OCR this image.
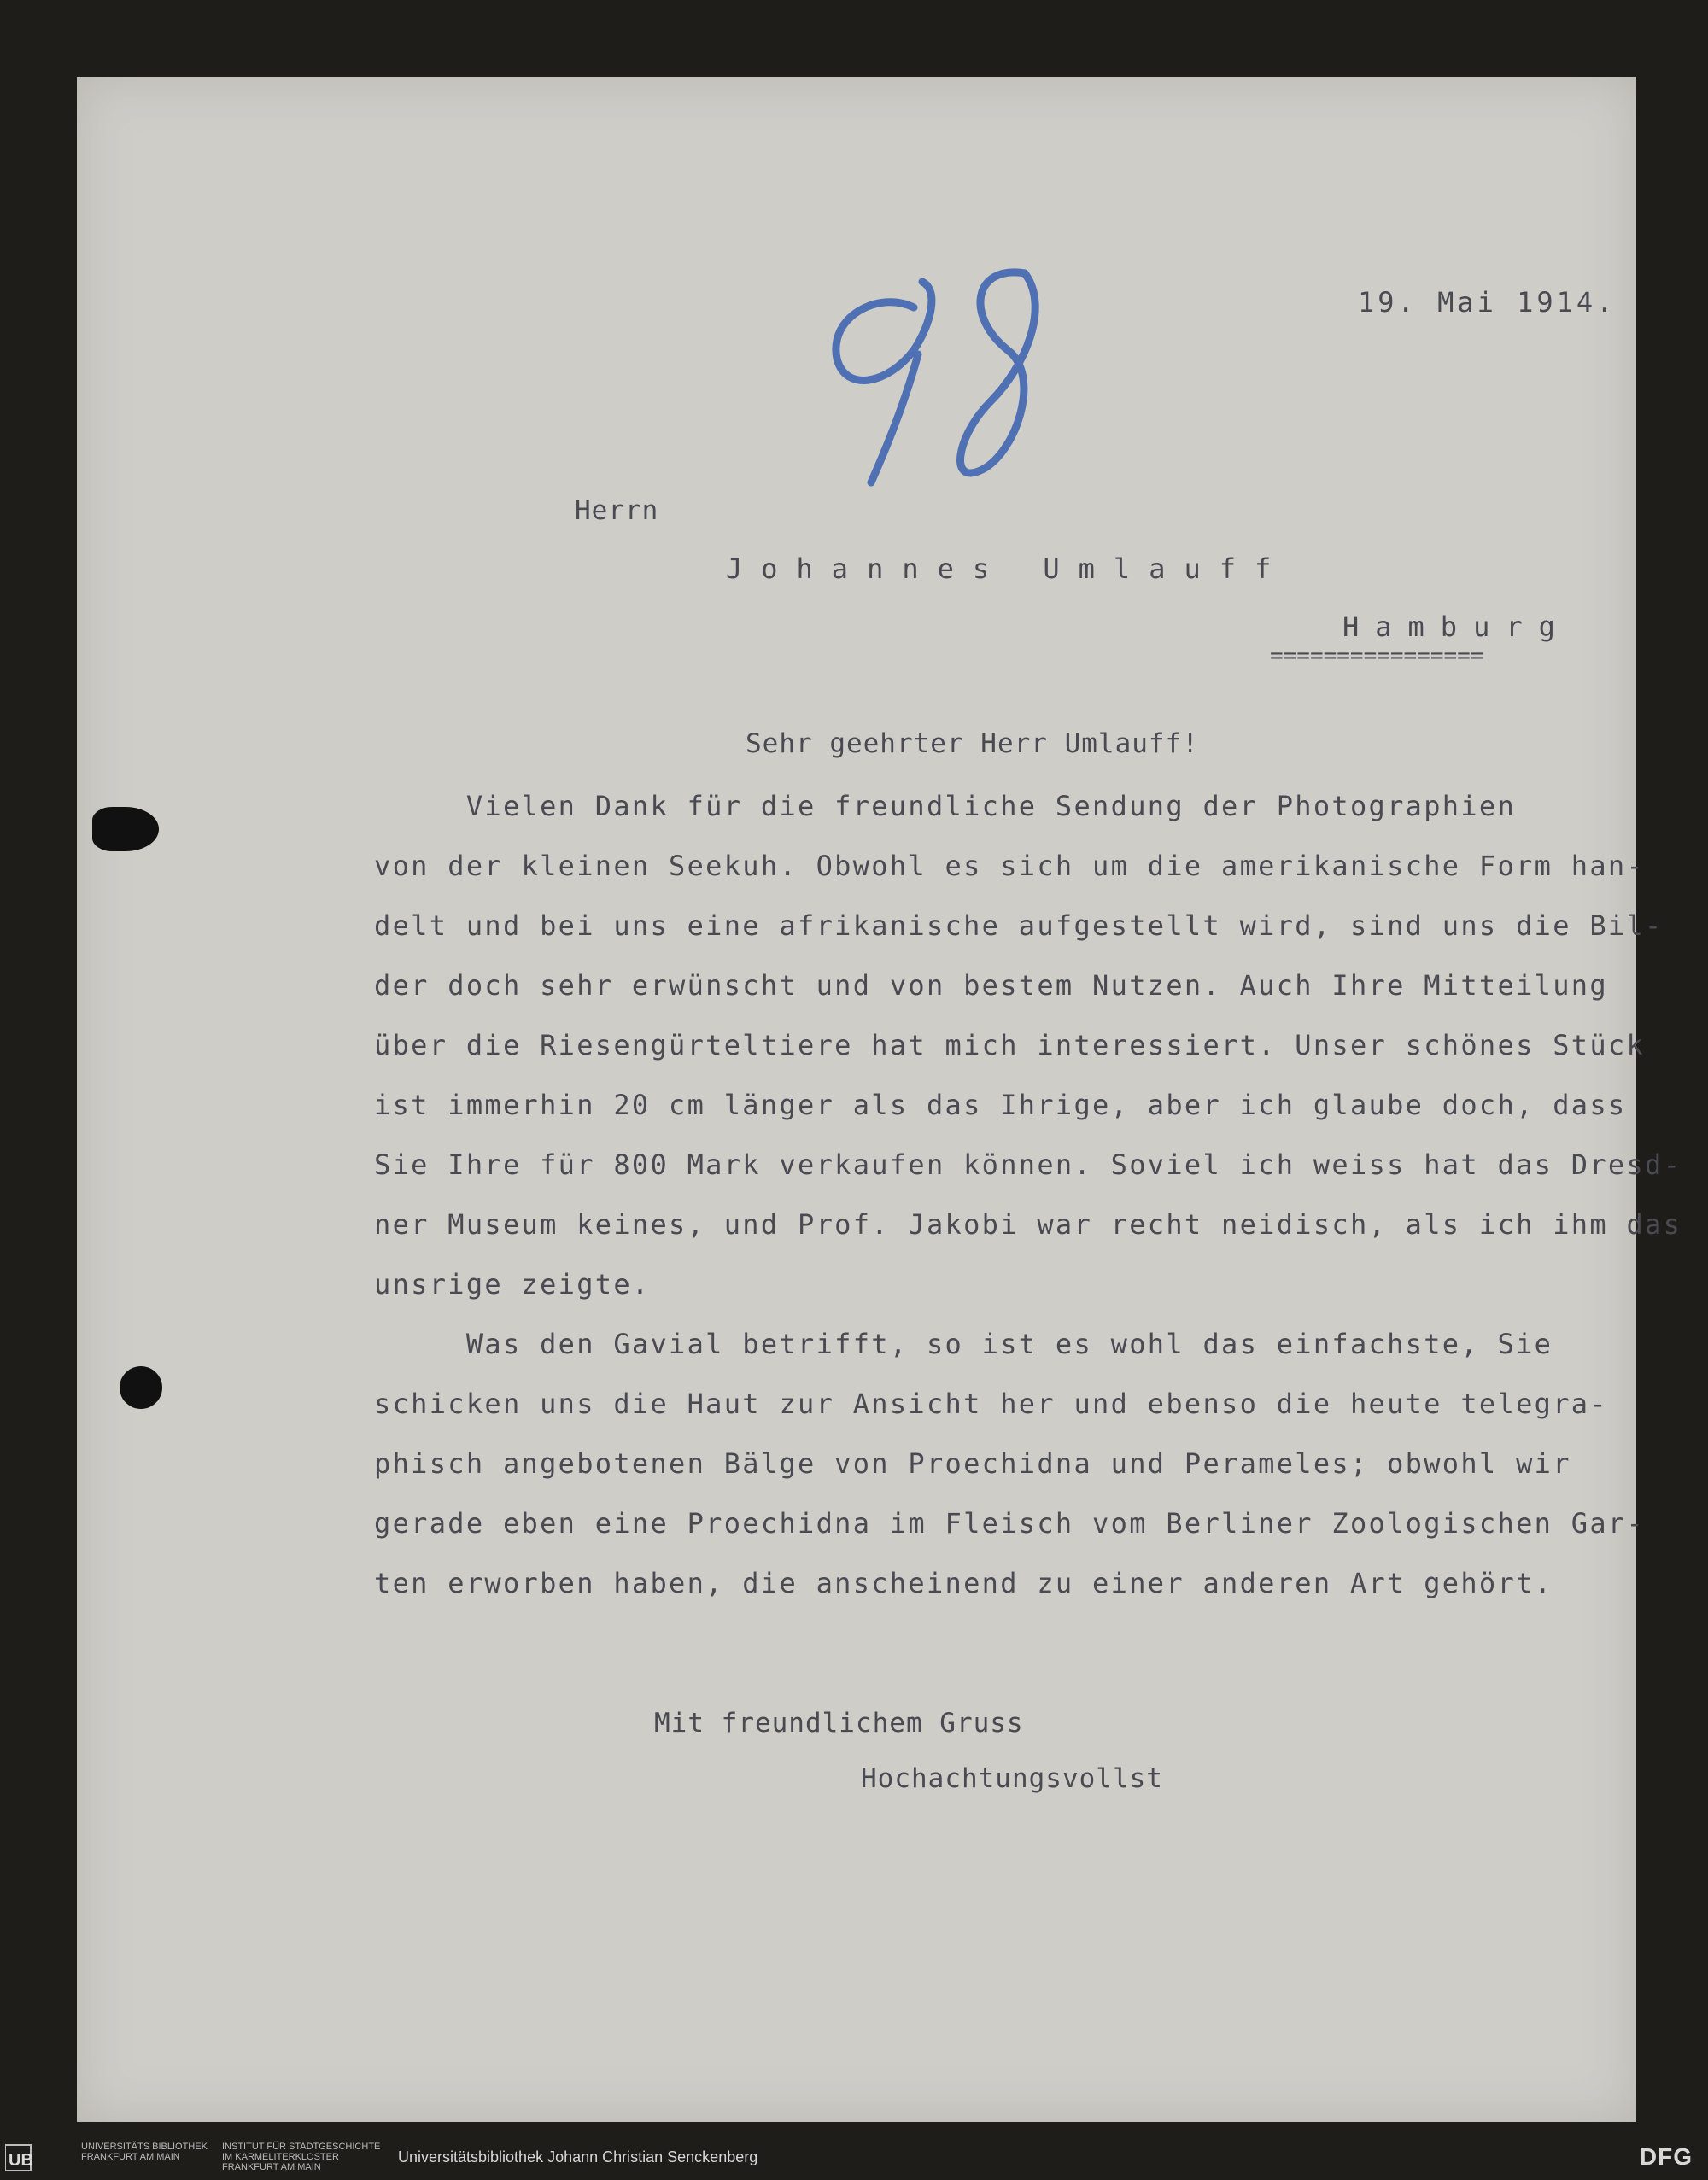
19. Mai 1914.
Herrn
Johannes Umlauff
Hamburg
================
Sehr geehrter Herr Umlauff!
Vielen Dank für die freundliche Sendung der Photographien
von der kleinen Seekuh. Obwohl es sich um die amerikanische Form han-
delt und bei uns eine afrikanische aufgestellt wird, sind uns die Bil-
der doch sehr erwünscht und von bestem Nutzen. Auch Ihre Mitteilung
über die Riesengürteltiere hat mich interessiert. Unser schönes Stück
ist immerhin 20 cm länger als das Ihrige, aber ich glaube doch, dass
Sie Ihre für 800 Mark verkaufen können. Soviel ich weiss hat das Dresd-
ner Museum keines, und Prof. Jakobi war recht neidisch, als ich ihm das
unsrige zeigte.
Was den Gavial betrifft, so ist es wohl das einfachste, Sie
schicken uns die Haut zur Ansicht her und ebenso die heute telegra-
phisch angebotenen Bälge von Proechidna und Perameles; obwohl wir
gerade eben eine Proechidna im Fleisch vom Berliner Zoologischen Gar-
ten erworben haben, die anscheinend zu einer anderen Art gehört.
Mit freundlichem Gruss
Hochachtungsvollst
UB
UNIVERSITÄTS BIBLIOTHEK FRANKFURT AM MAIN
INSTITUT FÜR STADTGESCHICHTE IM KARMELITERKLOSTER FRANKFURT AM MAIN
Universitätsbibliothek Johann Christian Senckenberg	DFG
